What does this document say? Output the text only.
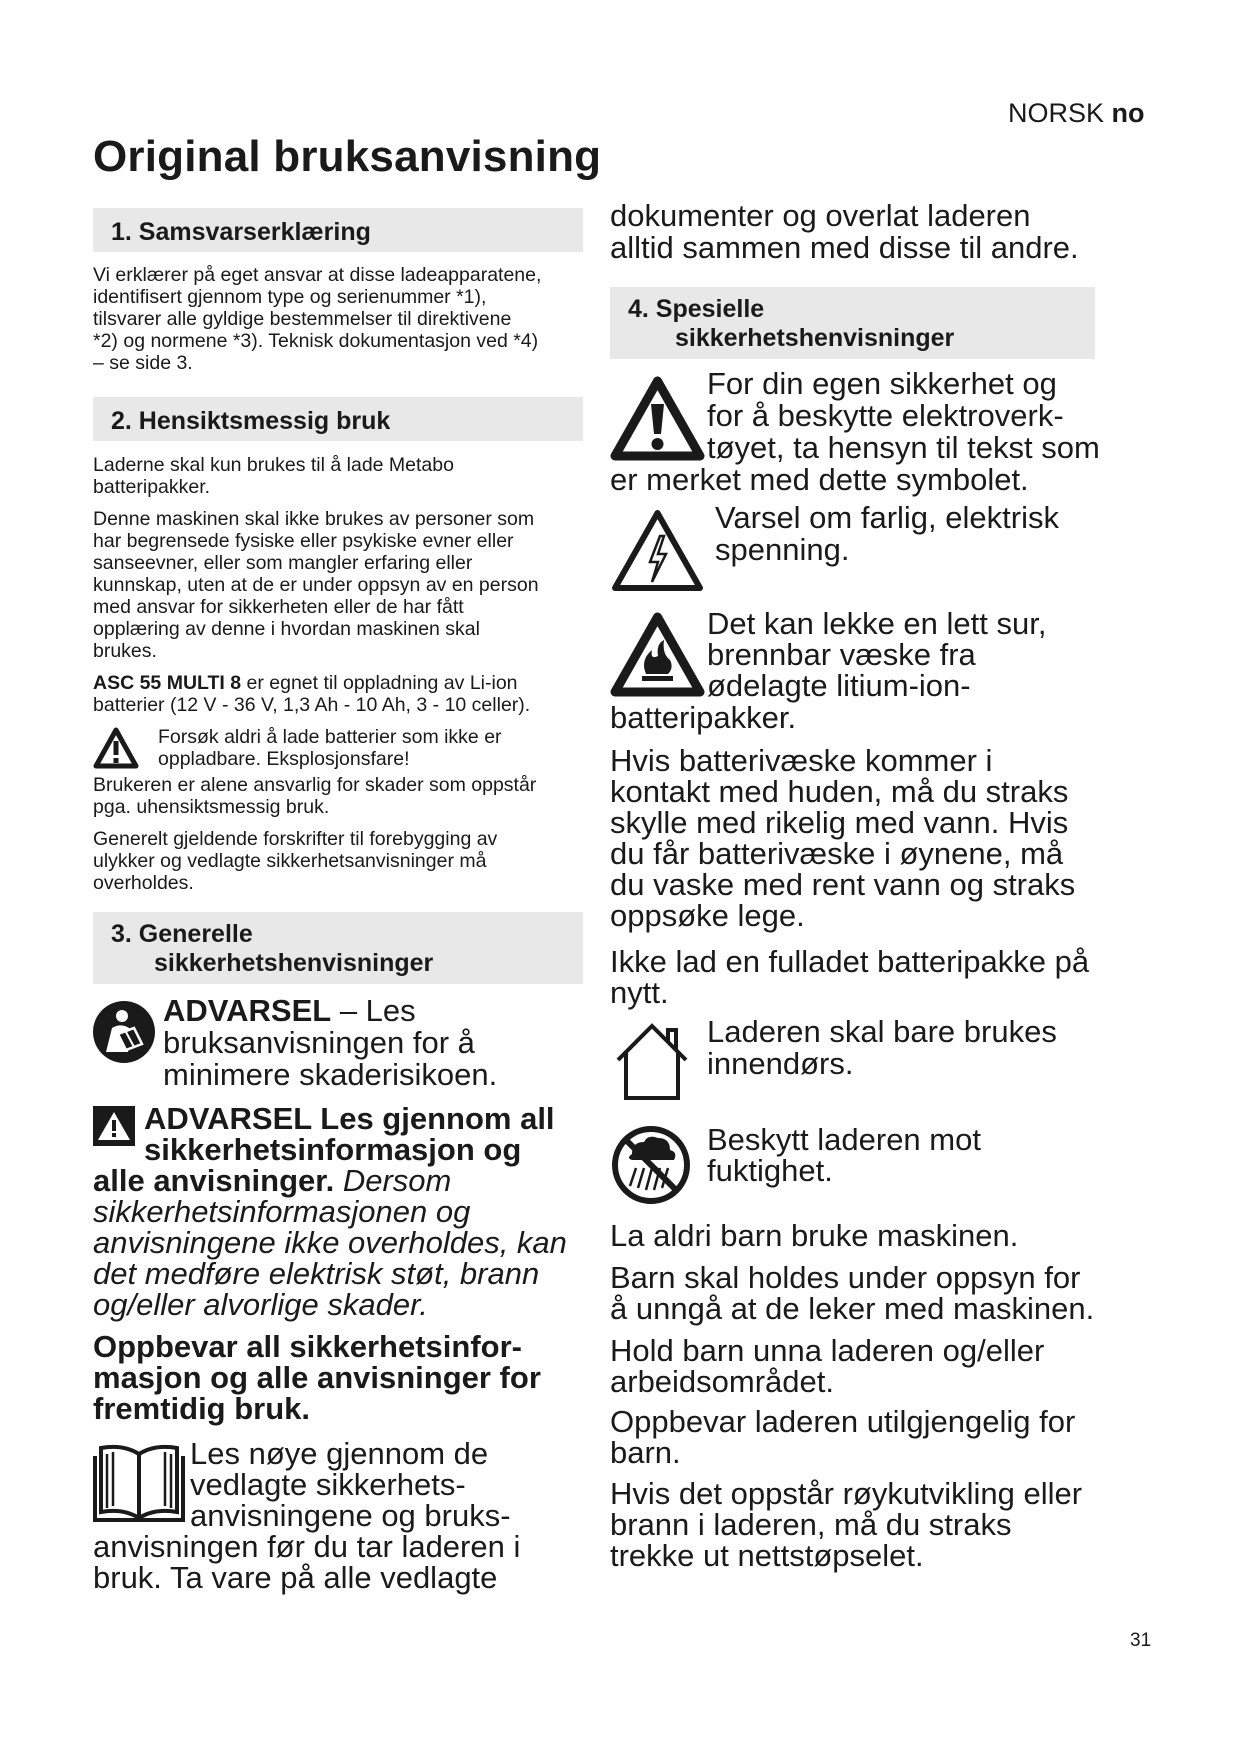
NORSK no
Original bruksanvisning
1. Samsvarserklæring
Vi erklærer på eget ansvar at disse ladeapparatene,
identifisert gjennom type og serienummer *1),
tilsvarer alle gyldige bestemmelser til direktivene
*2) og normene *3). Teknisk dokumentasjon ved *4)
– se side 3.
2. Hensiktsmessig bruk
Laderne skal kun brukes til å lade Metabo
batteripakker.
Denne maskinen skal ikke brukes av personer som
har begrensede fysiske eller psykiske evner eller
sanseevner, eller som mangler erfaring eller
kunnskap, uten at de er under oppsyn av en person
med ansvar for sikkerheten eller de har fått
opplæring av denne i hvordan maskinen skal
brukes.
ASC 55 MULTI 8 er egnet til oppladning av Li-ion
batterier (12 V - 36 V, 1,3 Ah - 10 Ah, 3 - 10 celler).
Forsøk aldri å lade batterier som ikke er
oppladbare. Eksplosjonsfare!
Brukeren er alene ansvarlig for skader som oppstår
pga. uhensiktsmessig bruk.
Generelt gjeldende forskrifter til forebygging av
ulykker og vedlagte sikkerhetsanvisninger må
overholdes.
3. Generelle
sikkerhetshenvisninger
ADVARSEL – Les
bruksanvisningen for å
minimere skaderisikoen.
ADVARSEL Les gjennom all
sikkerhetsinformasjon og
alle anvisninger. Dersom
sikkerhetsinformasjonen og
anvisningene ikke overholdes, kan
det medføre elektrisk støt, brann
og/eller alvorlige skader.
Oppbevar all sikkerhetsinfor-
masjon og alle anvisninger for
fremtidig bruk.
Les nøye gjennom de
vedlagte sikkerhets-
anvisningene og bruks-
anvisningen før du tar laderen i
bruk. Ta vare på alle vedlagte
dokumenter og overlat laderen
alltid sammen med disse til andre.
4. Spesielle
sikkerhetshenvisninger
For din egen sikkerhet og
for å beskytte elektroverk-
tøyet, ta hensyn til tekst som
er merket med dette symbolet.
Varsel om farlig, elektrisk
spenning.
Det kan lekke en lett sur,
brennbar væske fra
ødelagte litium-ion-
batteripakker.
Hvis batterivæske kommer i
kontakt med huden, må du straks
skylle med rikelig med vann. Hvis
du får batterivæske i øynene, må
du vaske med rent vann og straks
oppsøke lege.
Ikke lad en fulladet batteripakke på
nytt.
Laderen skal bare brukes
innendørs.
Beskytt laderen mot
fuktighet.
La aldri barn bruke maskinen.
Barn skal holdes under oppsyn for
å unngå at de leker med maskinen.
Hold barn unna laderen og/eller
arbeidsområdet.
Oppbevar laderen utilgjengelig for
barn.
Hvis det oppstår røykutvikling eller
brann i laderen, må du straks
trekke ut nettstøpselet.
31
